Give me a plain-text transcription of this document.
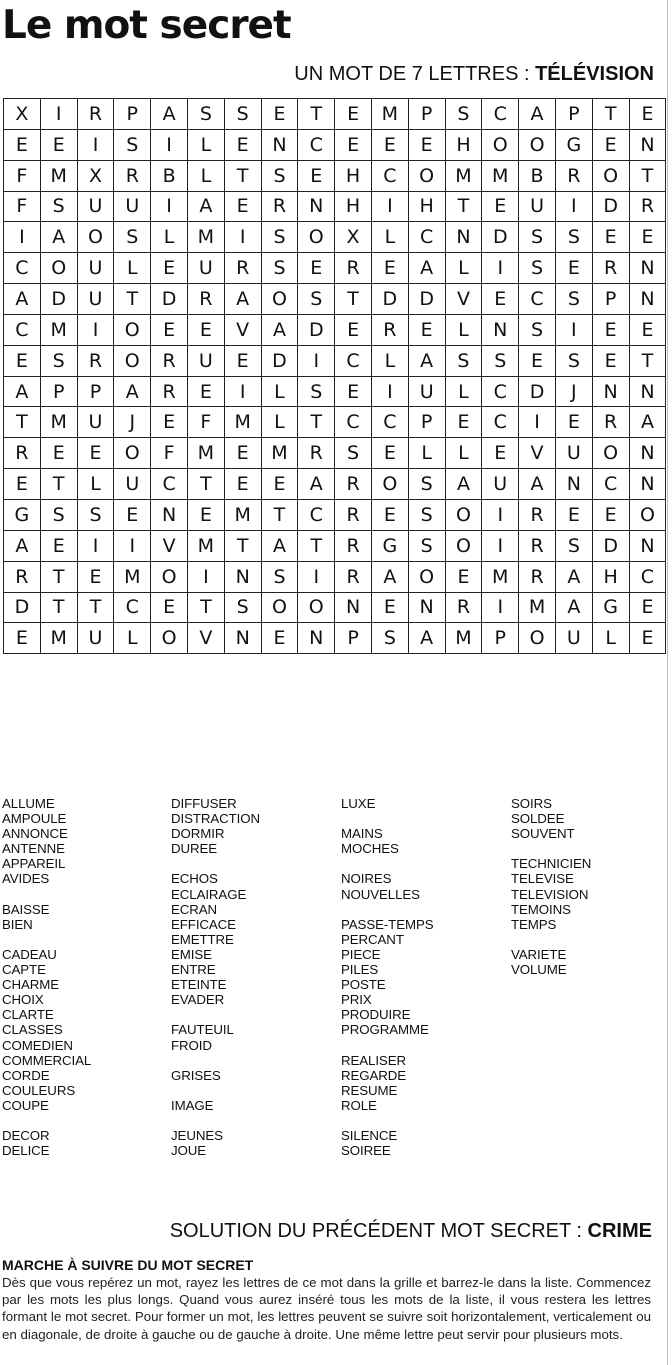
Le mot secret
UN MOT DE 7 LETTRES : TÉLÉVISION
X	I	R	P	A	S	S	E	T	E	M	P	S	C	A	P	T	E
E	E	I	S	I	L	E	N	C	E	E	E	H	O	O	G	E	N
F	M	X	R	B	L	T	S	E	H	C	O	M	M	B	R	O	T
F	S	U	U	I	A	E	R	N	H	I	H	T	E	U	I	D	R
I	A	O	S	L	M	I	S	O	X	L	C	N	D	S	S	E	E
C	O	U	L	E	U	R	S	E	R	E	A	L	I	S	E	R	N
A	D	U	T	D	R	A	O	S	T	D	D	V	E	C	S	P	N
C	M	I	O	E	E	V	A	D	E	R	E	L	N	S	I	E	E
E	S	R	O	R	U	E	D	I	C	L	A	S	S	E	S	E	T
A	P	P	A	R	E	I	L	S	E	I	U	L	C	D	J	N	N
T	M	U	J	E	F	M	L	T	C	C	P	E	C	I	E	R	A
R	E	E	O	F	M	E	M	R	S	E	L	L	E	V	U	O	N
E	T	L	U	C	T	E	E	A	R	O	S	A	U	A	N	C	N
G	S	S	E	N	E	M	T	C	R	E	S	O	I	R	E	E	O
A	E	I	I	V	M	T	A	T	R	G	S	O	I	R	S	D	N
R	T	E	M	O	I	N	S	I	R	A	O	E	M	R	A	H	C
D	T	T	C	E	T	S	O	O	N	E	N	R	I	M	A	G	E
E	M	U	L	O	V	N	E	N	P	S	A	M	P	O	U	L	E
ALLUME
AMPOULE
ANNONCE
ANTENNE
APPAREIL
AVIDES
BAISSE
BIEN
CADEAU
CAPTE
CHARME
CHOIX
CLARTE
CLASSES
COMEDIEN
COMMERCIAL
CORDE
COULEURS
COUPE
DECOR
DELICE
DIFFUSER
DISTRACTION
DORMIR
DUREE
ECHOS
ECLAIRAGE
ECRAN
EFFICACE
EMETTRE
EMISE
ENTRE
ETEINTE
EVADER
FAUTEUIL
FROID
GRISES
IMAGE
JEUNES
JOUE
LUXE
MAINS
MOCHES
NOIRES
NOUVELLES
PASSE-TEMPS
PERCANT
PIECE
PILES
POSTE
PRIX
PRODUIRE
PROGRAMME
REALISER
REGARDE
RESUME
ROLE
SILENCE
SOIREE
SOIRS
SOLDEE
SOUVENT
TECHNICIEN
TELEVISE
TELEVISION
TEMOINS
TEMPS
VARIETE
VOLUME
SOLUTION DU PRÉCÉDENT MOT SECRET : CRIME
MARCHE À SUIVRE DU MOT SECRET
Dès que vous repérez un mot, rayez les lettres de ce mot dans la grille et barrez-le dans la liste. Commencez par les mots les plus longs. Quand vous aurez inséré tous les mots de la liste, il vous restera les lettres formant le mot secret. Pour former un mot, les lettres peuvent se suivre soit horizontalement, verticalement ou en diagonale, de droite à gauche ou de gauche à droite. Une même lettre peut servir pour plusieurs mots.
